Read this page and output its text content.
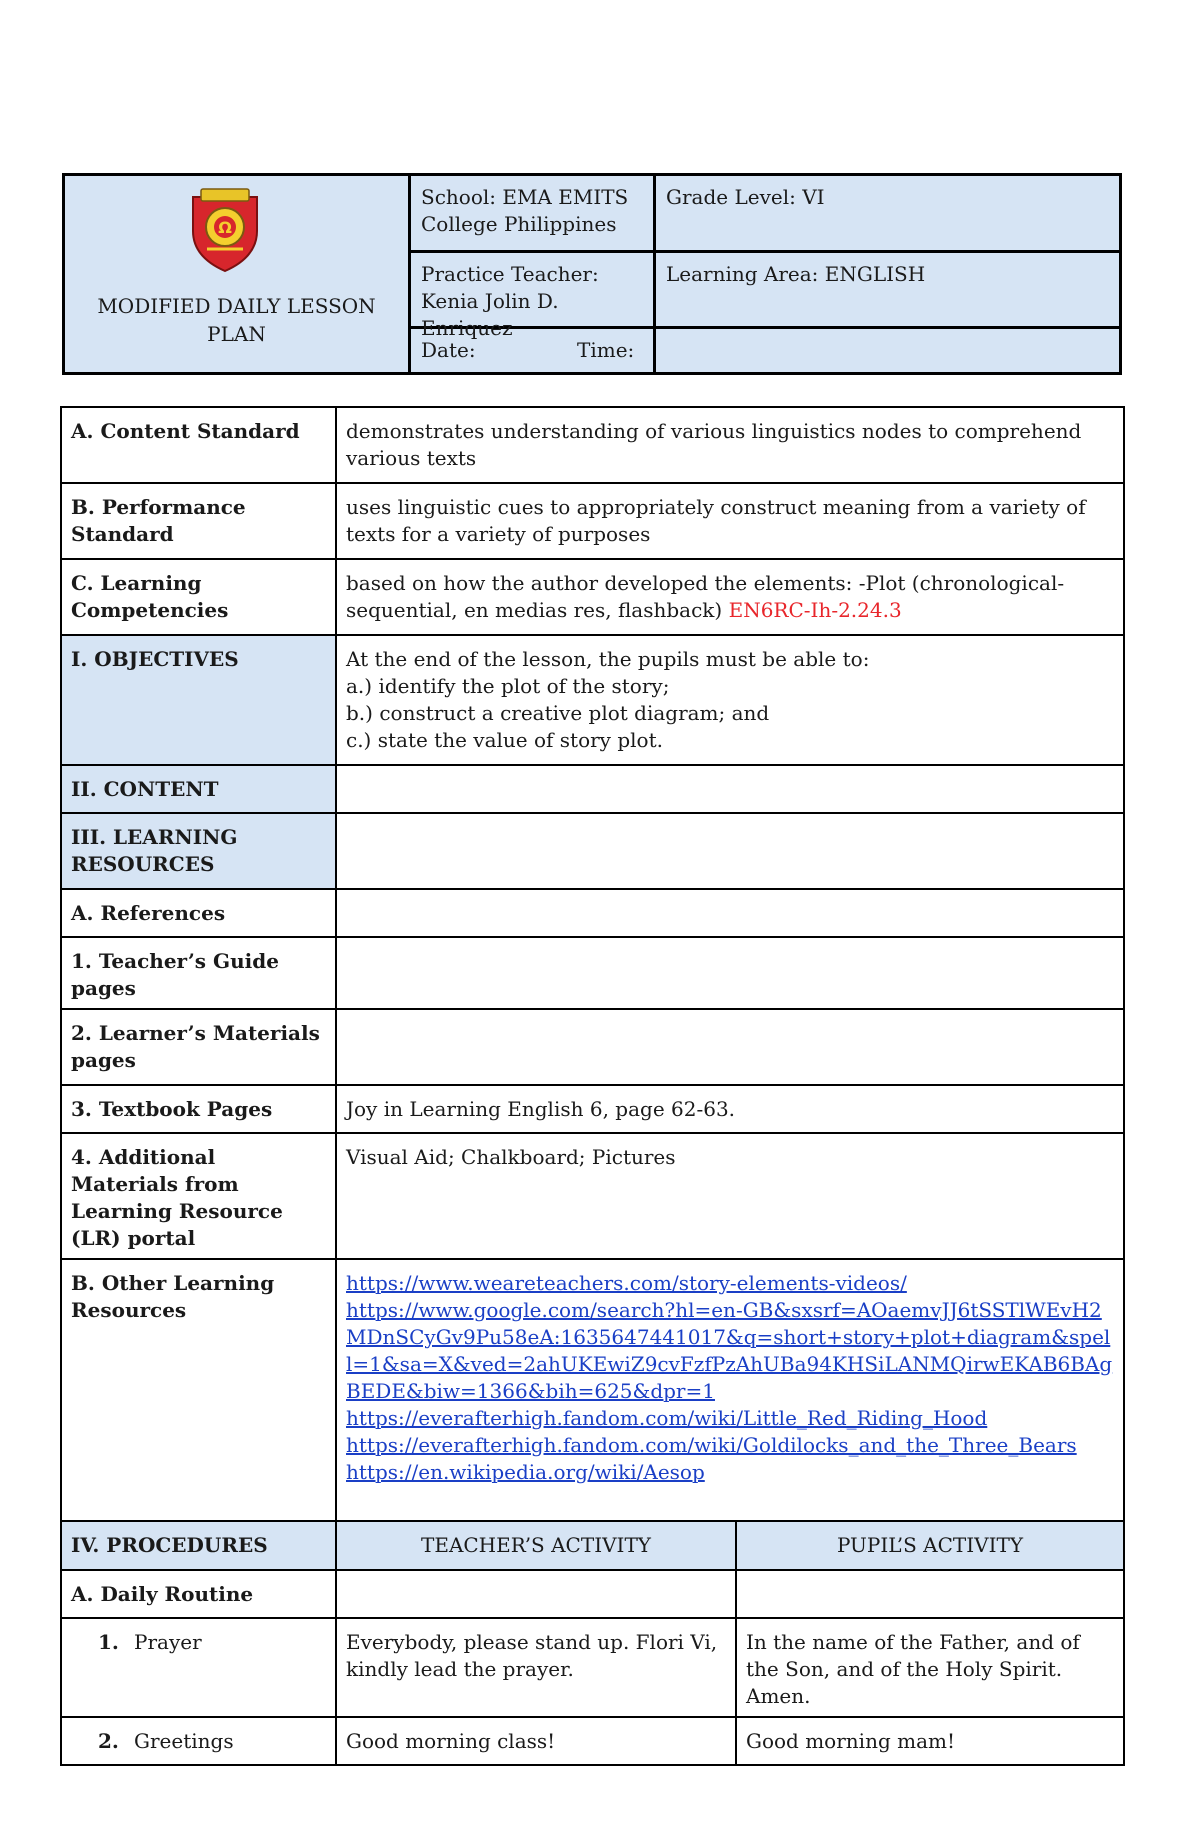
Ω
MODIFIED DAILY LESSON PLAN
School: EMA EMITS College Philippines
Grade Level: VI
Practice Teacher: Kenia Jolin D. Enriquez
Learning Area: ENGLISH
Date:	Time:
A. Content Standard	demonstrates understanding of various linguistics nodes to comprehend various texts	
B. Performance Standard	uses linguistic cues to appropriately construct meaning from a variety of texts for a variety of purposes	
C. Learning Competencies	based on how the author developed the elements: -Plot (chronological-sequential, en medias res, flashback) EN6RC-Ih-2.24.3	
I. OBJECTIVES	At the end of the lesson, the pupils must be able to:
a.) identify the plot of the story;
b.) construct a creative plot diagram; and
c.) state the value of story plot.	

II. CONTENT		
III. LEARNING RESOURCES		
A. References		
1. Teacher’s Guide pages		
2. Learner’s Materials pages		
3. Textbook Pages	Joy in Learning English 6, page 62-63.	
4. Additional Materials from Learning Resource (LR) portal	Visual Aid; Chalkboard; Pictures	
B. Other Learning Resources	https://www.weareteachers.com/story-elements-videos/
https://www.google.com/search?hl=en-GB&sxsrf=AOaemvJJ6tSSTlWEvH2MDnSCyGv9Pu58eA:1635647441017&q=short+story+plot+diagram&spell=1&sa=X&ved=2ahUKEwiZ9cvFzfPzAhUBa94KHSiLANMQirwEKAB6BAgBEDE&biw=1366&bih=625&dpr=1
https://everafterhigh.fandom.com/wiki/Little_Red_Riding_Hood
https://everafterhigh.fandom.com/wiki/Goldilocks_and_the_Three_Bears
https://en.wikipedia.org/wiki/Aesop	

IV. PROCEDURES	TEACHER’S ACTIVITY	PUPIL’S ACTIVITY
A. Daily Routine		
1. Prayer	Everybody, please stand up. Flori Vi, kindly lead the prayer.	In the name of the Father, and of the Son, and of the Holy Spirit. Amen.
2. Greetings	Good morning class!	Good morning mam!
